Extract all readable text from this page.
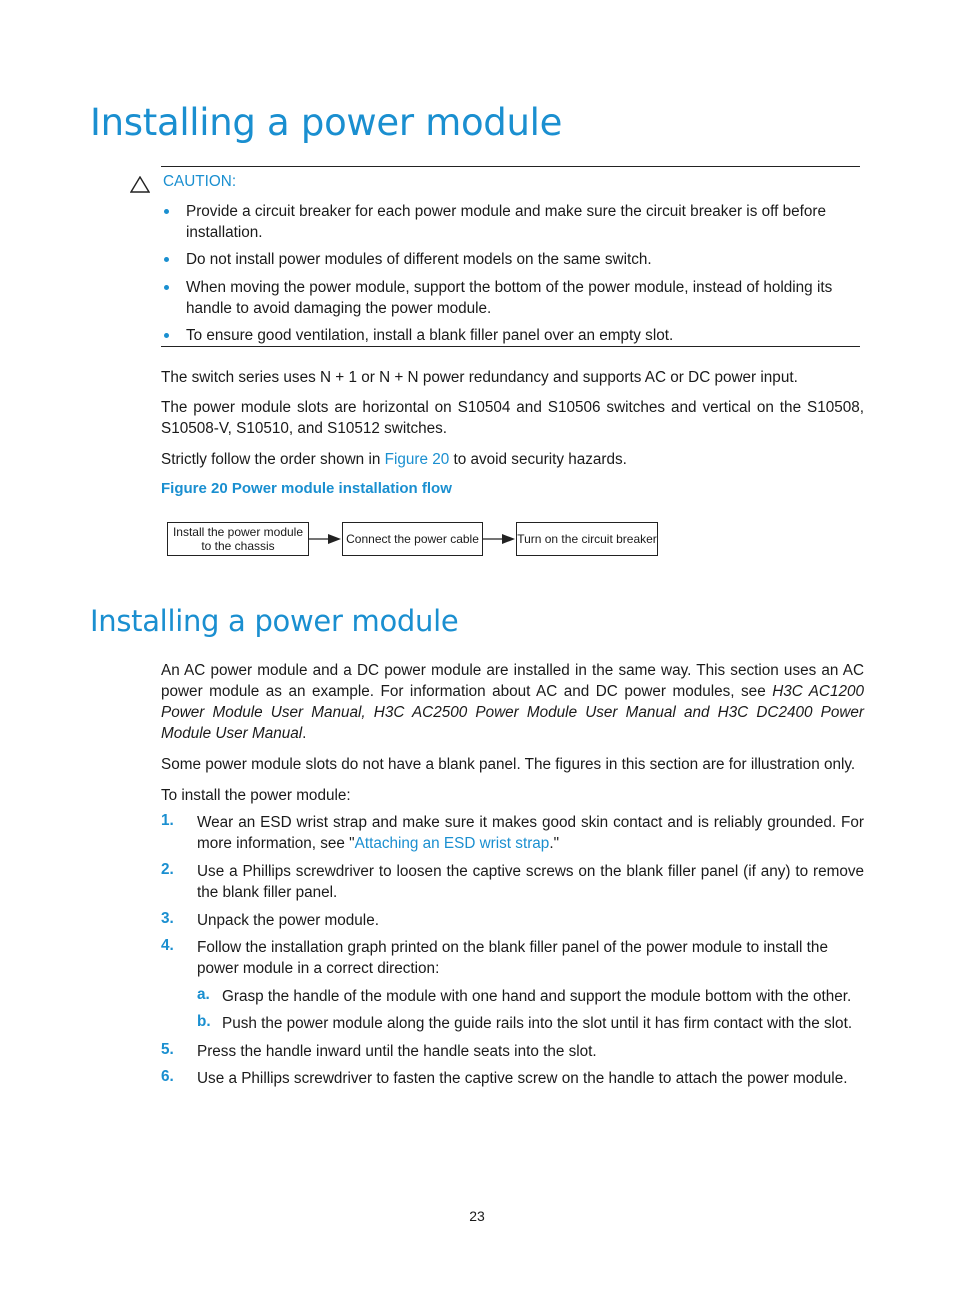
Installing a power module
CAUTION:
Provide a circuit breaker for each power module and make sure the circuit breaker is off before installation.
Do not install power modules of different models on the same switch.
When moving the power module, support the bottom of the power module, instead of holding its handle to avoid damaging the power module.
To ensure good ventilation, install a blank filler panel over an empty slot.
The switch series uses N + 1 or N + N power redundancy and supports AC or DC power input.
The power module slots are horizontal on S10504 and S10506 switches and vertical on the S10508, S10508-V, S10510, and S10512 switches.
Strictly follow the order shown in Figure 20 to avoid security hazards.
Figure 20 Power module installation flow
Install the power module to the chassis	Connect the power cable	Turn on the circuit breaker
Installing a power module
An AC power module and a DC power module are installed in the same way. This section uses an AC power module as an example. For information about AC and DC power modules, see H3C AC1200 Power Module User Manual, H3C AC2500 Power Module User Manual and H3C DC2400 Power Module User Manual.
Some power module slots do not have a blank panel. The figures in this section are for illustration only.
To install the power module:
1. Wear an ESD wrist strap and make sure it makes good skin contact and is reliably grounded. For more information, see "Attaching an ESD wrist strap."
2. Use a Phillips screwdriver to loosen the captive screws on the blank filler panel (if any) to remove the blank filler panel.
3. Unpack the power module.
4. Follow the installation graph printed on the blank filler panel of the power module to install the power module in a correct direction:
a. Grasp the handle of the module with one hand and support the module bottom with the other.
b. Push the power module along the guide rails into the slot until it has firm contact with the slot.
5. Press the handle inward until the handle seats into the slot.
6. Use a Phillips screwdriver to fasten the captive screw on the handle to attach the power module.
23
